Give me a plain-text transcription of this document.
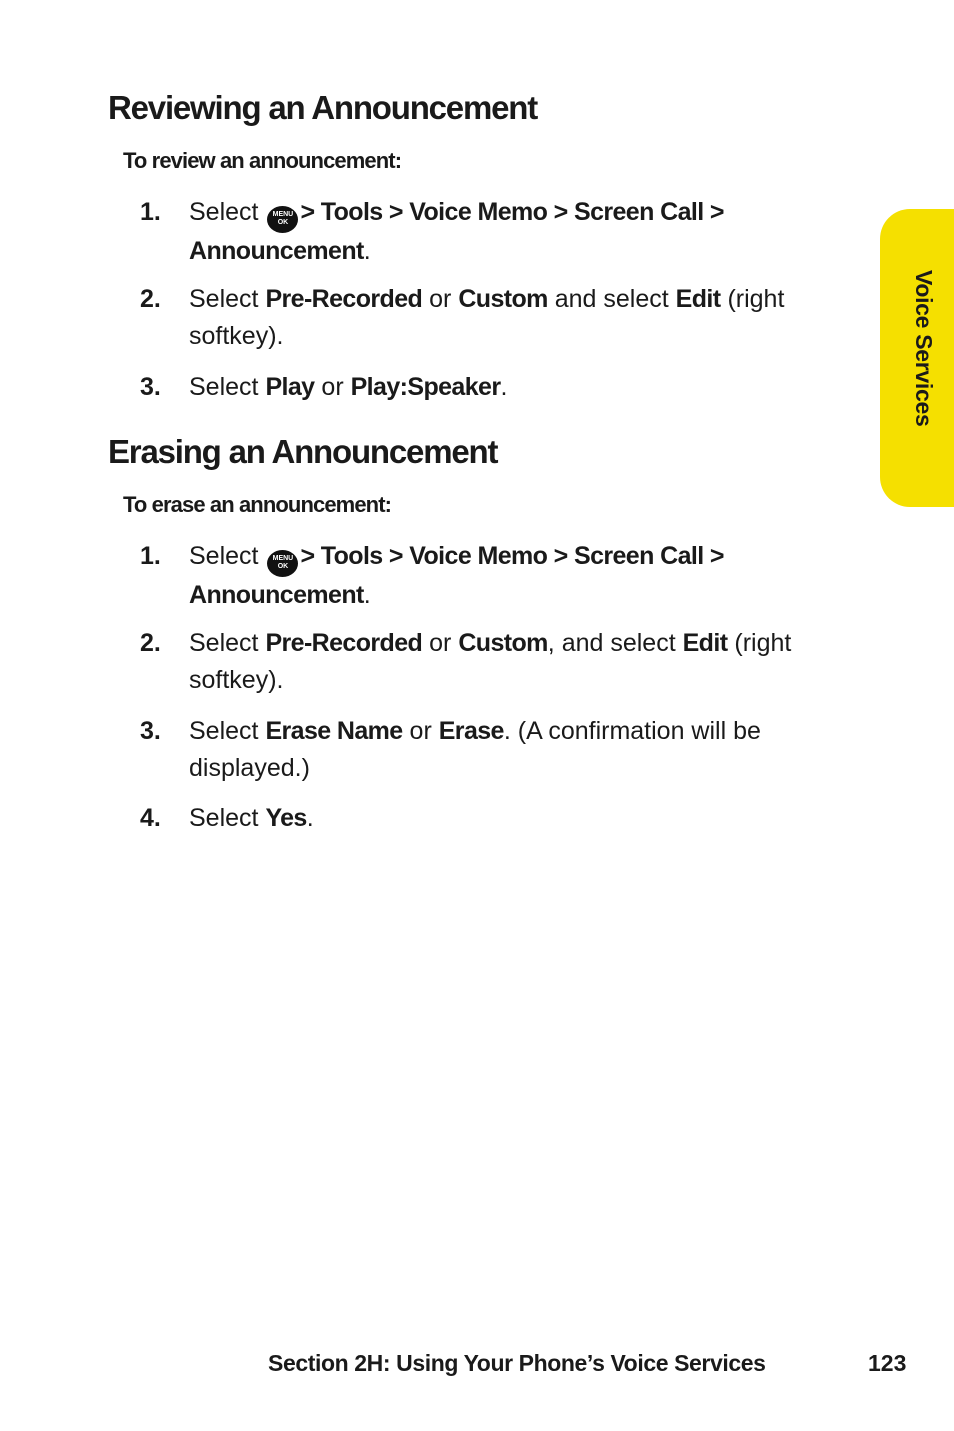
Voice Services
Reviewing an Announcement
To review an announcement:
1.	Select	MENU
OK > Tools > Voice Memo > Screen Call >
Announcement.
2.	Select Pre-Recorded or Custom and select Edit (right
softkey).
3.	Select Play or Play:Speaker.
Erasing an Announcement
To erase an announcement:
1.	Select	MENU
OK > Tools > Voice Memo > Screen Call >
Announcement.
2.	Select Pre-Recorded or Custom, and select Edit (right
softkey).
3.	Select Erase Name or Erase. (A confirmation will be
displayed.)
4.	Select Yes.
Section 2H: Using Your Phone’s Voice Services	123
